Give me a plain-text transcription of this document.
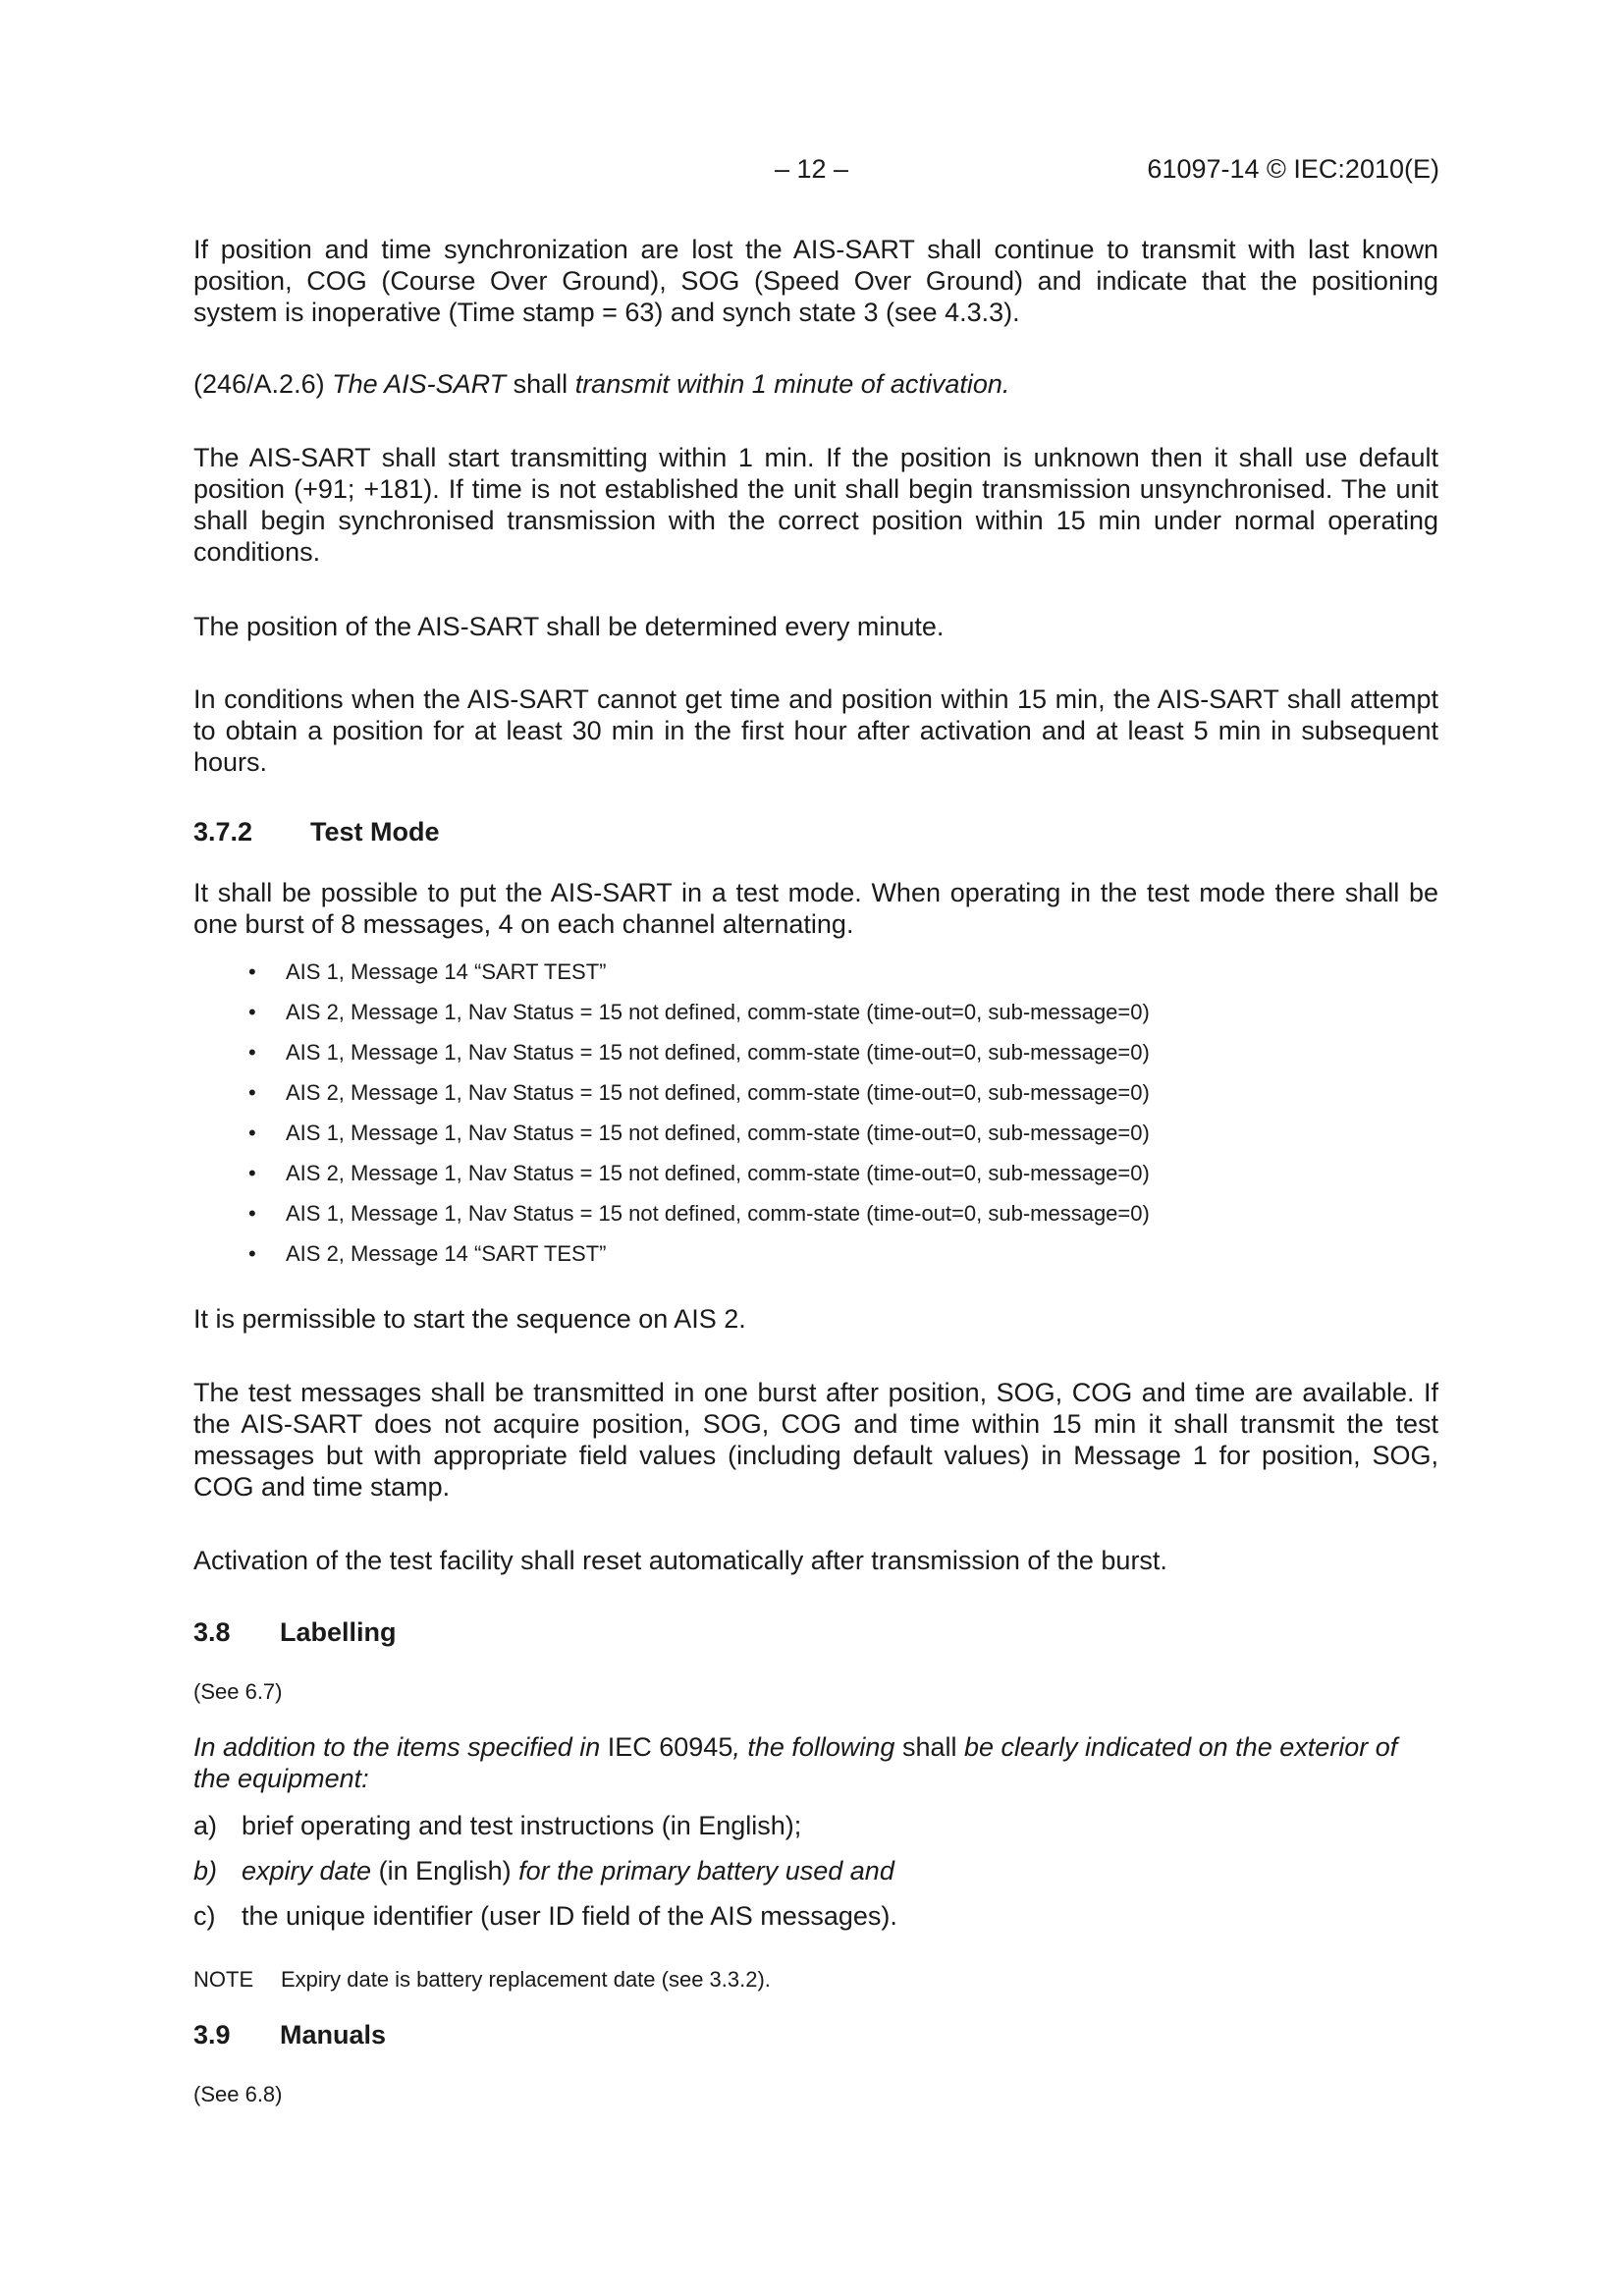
– 12 –	61097-14 © IEC:2010(E)
If position and time synchronization are lost the AIS-SART shall continue to transmit with last known position, COG (Course Over Ground), SOG (Speed Over Ground) and indicate that the positioning system is inoperative (Time stamp = 63) and synch state 3 (see 4.3.3).
(246/A.2.6) The AIS-SART shall transmit within 1 minute of activation.
The AIS-SART shall start transmitting within 1 min. If the position is unknown then it shall use default position (+91; +181). If time is not established the unit shall begin transmission unsynchronised. The unit shall begin synchronised transmission with the correct position within 15 min under normal operating conditions.
The position of the AIS-SART shall be determined every minute.
In conditions when the AIS-SART cannot get time and position within 15 min, the AIS-SART shall attempt to obtain a position for at least 30 min in the first hour after activation and at least 5 min in subsequent hours.
3.7.2 Test Mode
It shall be possible to put the AIS-SART in a test mode. When operating in the test mode there shall be one burst of 8 messages, 4 on each channel alternating.
• AIS 1, Message 14 “SART TEST”
• AIS 2, Message 1, Nav Status = 15 not defined, comm-state (time-out=0, sub-message=0)
• AIS 1, Message 1, Nav Status = 15 not defined, comm-state (time-out=0, sub-message=0)
• AIS 2, Message 1, Nav Status = 15 not defined, comm-state (time-out=0, sub-message=0)
• AIS 1, Message 1, Nav Status = 15 not defined, comm-state (time-out=0, sub-message=0)
• AIS 2, Message 1, Nav Status = 15 not defined, comm-state (time-out=0, sub-message=0)
• AIS 1, Message 1, Nav Status = 15 not defined, comm-state (time-out=0, sub-message=0)
• AIS 2, Message 14 “SART TEST”
It is permissible to start the sequence on AIS 2.
The test messages shall be transmitted in one burst after position, SOG, COG and time are available. If the AIS-SART does not acquire position, SOG, COG and time within 15 min it shall transmit the test messages but with appropriate field values (including default values) in Message 1 for position, SOG, COG and time stamp.
Activation of the test facility shall reset automatically after transmission of the burst.
3.8 Labelling
(See 6.7)
In addition to the items specified in IEC 60945, the following shall be clearly indicated on the exterior of the equipment:
a) brief operating and test instructions (in English);
b) expiry date (in English) for the primary battery used and
c) the unique identifier (user ID field of the AIS messages).
NOTE Expiry date is battery replacement date (see 3.3.2).
3.9 Manuals
(See 6.8)
